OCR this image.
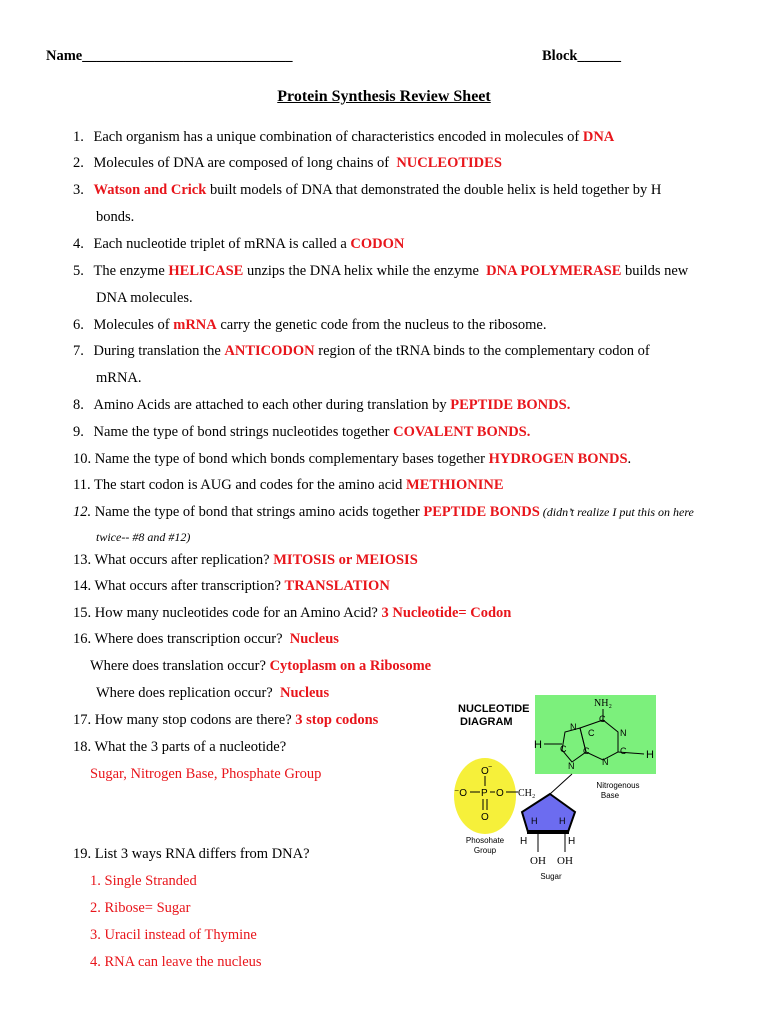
Name_____________________________	Block______
Protein Synthesis Review Sheet
1. Each organism has a unique combination of characteristics encoded in molecules of DNA
2. Molecules of DNA are composed of long chains of  NUCLEOTIDES
3. Watson and Crick built models of DNA that demonstrated the double helix is held together by H
bonds.
4. Each nucleotide triplet of mRNA is called a CODON
5. The enzyme HELICASE unzips the DNA helix while the enzyme  DNA POLYMERASE builds new
DNA molecules.
6. Molecules of mRNA carry the genetic code from the nucleus to the ribosome.
7. During translation the ANTICODON region of the tRNA binds to the complementary codon of
mRNA.
8. Amino Acids are attached to each other during translation by PEPTIDE BONDS.
9. Name the type of bond strings nucleotides together COVALENT BONDS.
10. Name the type of bond which bonds complementary bases together HYDROGEN BONDS.
11. The start codon is AUG and codes for the amino acid METHIONINE
12. Name the type of bond that strings amino acids together PEPTIDE BONDS (didn’t realize I put this on here
twice-- #8 and #12)
13. What occurs after replication? MITOSIS or MEIOSIS
14. What occurs after transcription? TRANSLATION
15. How many nucleotides code for an Amino Acid? 3 Nucleotide= Codon
16. Where does transcription occur?  Nucleus
Where does translation occur? Cytoplasm on a Ribosome
Where does replication occur?  Nucleus
17. How many stop codons are there? 3 stop codons
18. What the 3 parts of a nucleotide?
Sugar, Nitrogen Base, Phosphate Group
19. List 3 ways RNA differs from DNA?
1. Single Stranded
2. Ribose= Sugar
3. Uracil instead of Thymine
4. RNA can leave the nucleus
NUCLEOTIDE
DIAGRAM
NH₂
N
C
N
C
N
C
C
N
C
H
H
Nitrogenous
Base
O −
⁻O P O
O
CH₂
Phosohate
Group
H H
H	H
OH OH
Sugar
